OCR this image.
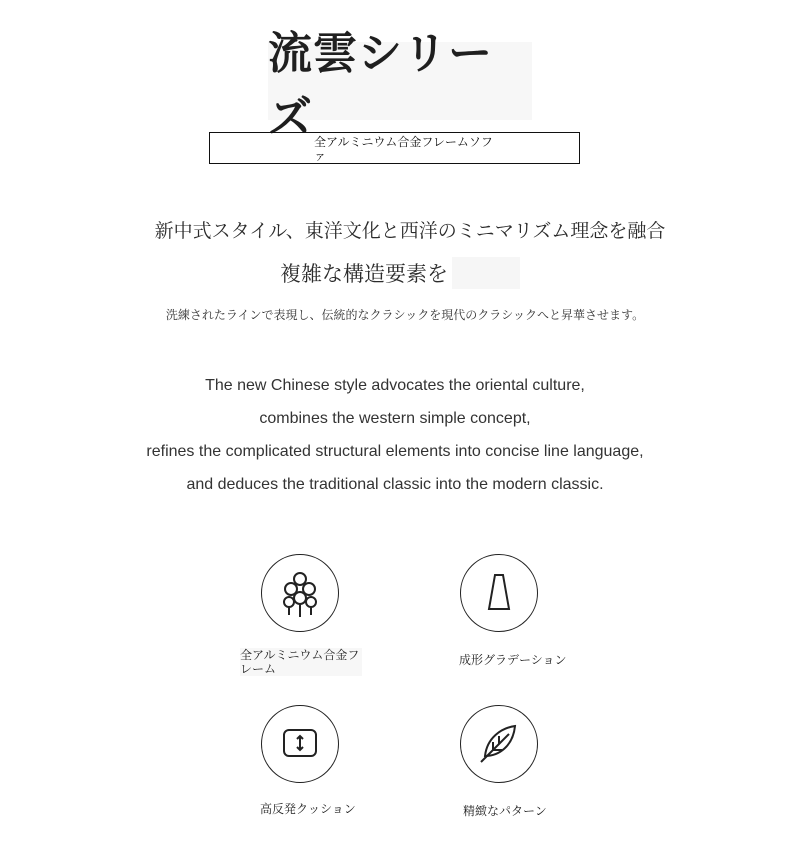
流雲シリーズ 全アルミニウム合金フレームソファ
新中式スタイル、東洋文化と西洋のミニマリズム理念を融合
複雑な構造要素を
洗練されたラインで表現し、伝統的なクラシックを現代のクラシックへと昇華させます。
The new Chinese style advocates the oriental culture,
combines the western simple concept,
refines the complicated structural elements into concise line language,
and deduces the traditional classic into the modern classic.
全アルミニウム合金フレーム
成形グラデーション
高反発クッション	精緻なパターン
